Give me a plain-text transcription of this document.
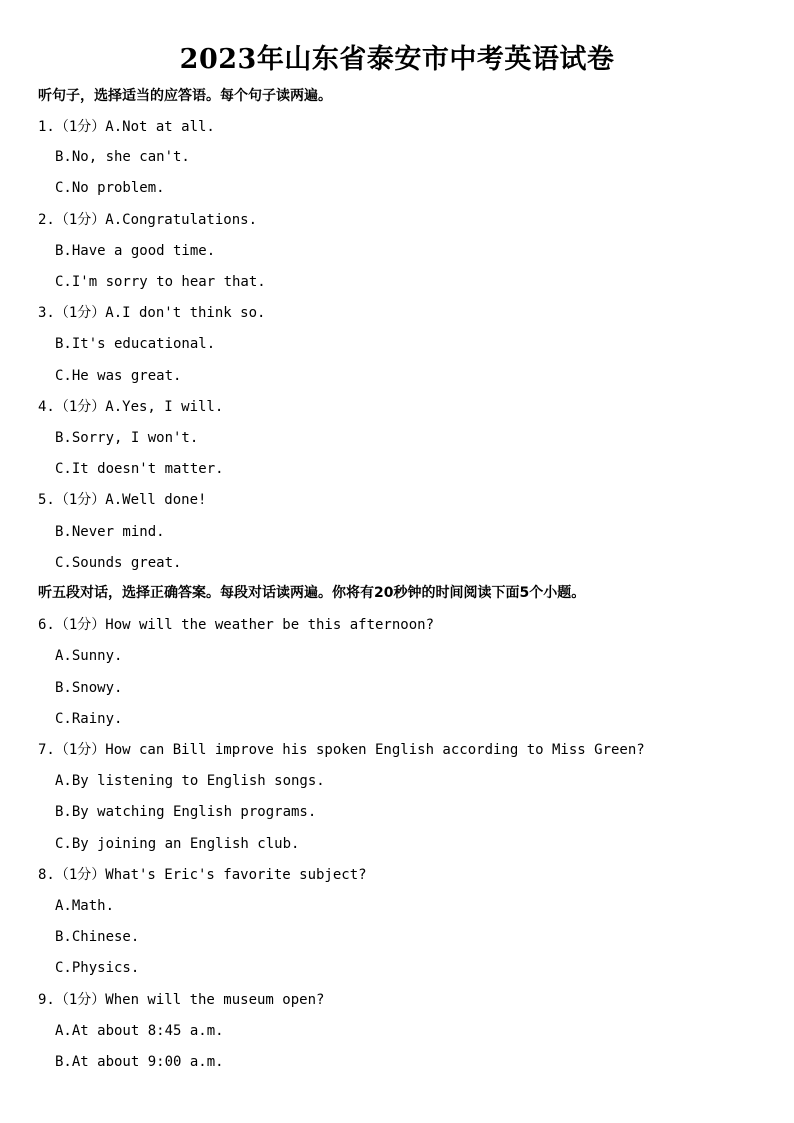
2023年山东省泰安市中考英语试卷
听句子，选择适当的应答语。每个句子读两遍。
1.（1分）A.Not at all.
B.No, she can't.
C.No problem.
2.（1分）A.Congratulations.
B.Have a good time.
C.I'm sorry to hear that.
3.（1分）A.I don't think so.
B.It's educational.
C.He was great.
4.（1分）A.Yes, I will.
B.Sorry, I won't.
C.It doesn't matter.
5.（1分）A.Well done!
B.Never mind.
C.Sounds great.
听五段对话，选择正确答案。每段对话读两遍。你将有20秒钟的时间阅读下面5个小题。
6.（1分）How will the weather be this afternoon?
A.Sunny.
B.Snowy.
C.Rainy.
7.（1分）How can Bill improve his spoken English according to Miss Green?
A.By listening to English songs.
B.By watching English programs.
C.By joining an English club.
8.（1分）What's Eric's favorite subject?
A.Math.
B.Chinese.
C.Physics.
9.（1分）When will the museum open?
A.At about 8:45 a.m.
B.At about 9:00 a.m.
